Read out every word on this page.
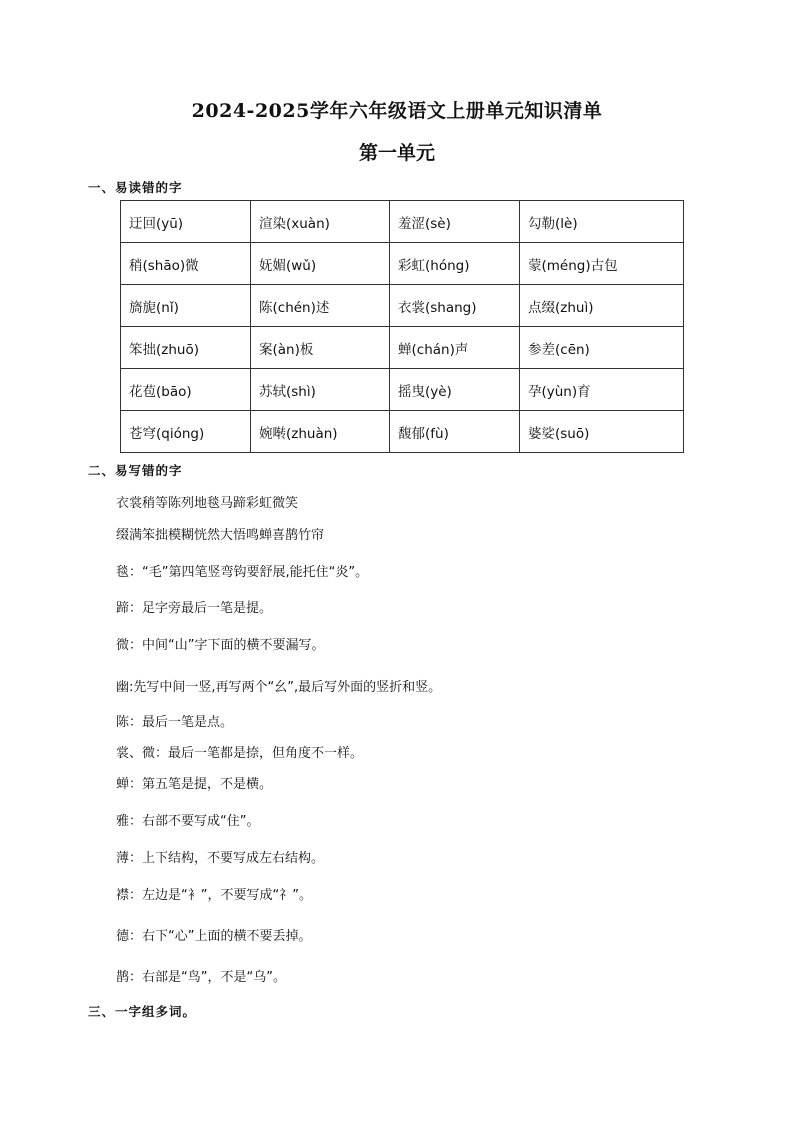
2024-2025学年六年级语文上册单元知识清单
第一单元
一、易读错的字
迂回(yū)	渲染(xuàn)	羞涩(sè)	勾勒(lè)
稍(shāo)微	妩媚(wǔ)	彩虹(hóng)	蒙(méng)古包
旖旎(nǐ)	陈(chén)述	衣裳(shang)	点缀(zhuì)
笨拙(zhuō)	案(àn)板	蝉(chán)声	参差(cēn)
花苞(bāo)	苏轼(shì)	摇曳(yè)	孕(yùn)育
苍穹(qióng)	婉啭(zhuàn)	馥郁(fù)	婆娑(suō)
二、易写错的字
衣裳稍等陈列地毯马蹄彩虹微笑
缀满笨拙模糊恍然大悟鸣蝉喜鹊竹帘
毯：“毛”第四笔竖弯钩要舒展,能托住“炎”。
蹄：足字旁最后一笔是提。
微：中间“山”字下面的横不要漏写。
幽:先写中间一竖,再写两个“幺”,最后写外面的竖折和竖。
陈：最后一笔是点。
裳、微：最后一笔都是捺，但角度不一样。
蝉：第五笔是提，不是横。
雅：右部不要写成“住”。
薄：上下结构，不要写成左右结构。
襟：左边是“衤”，不要写成“礻”。
德：右下“心”上面的横不要丢掉。
鹊：右部是“鸟”，不是“乌”。
三、一字组多词。
